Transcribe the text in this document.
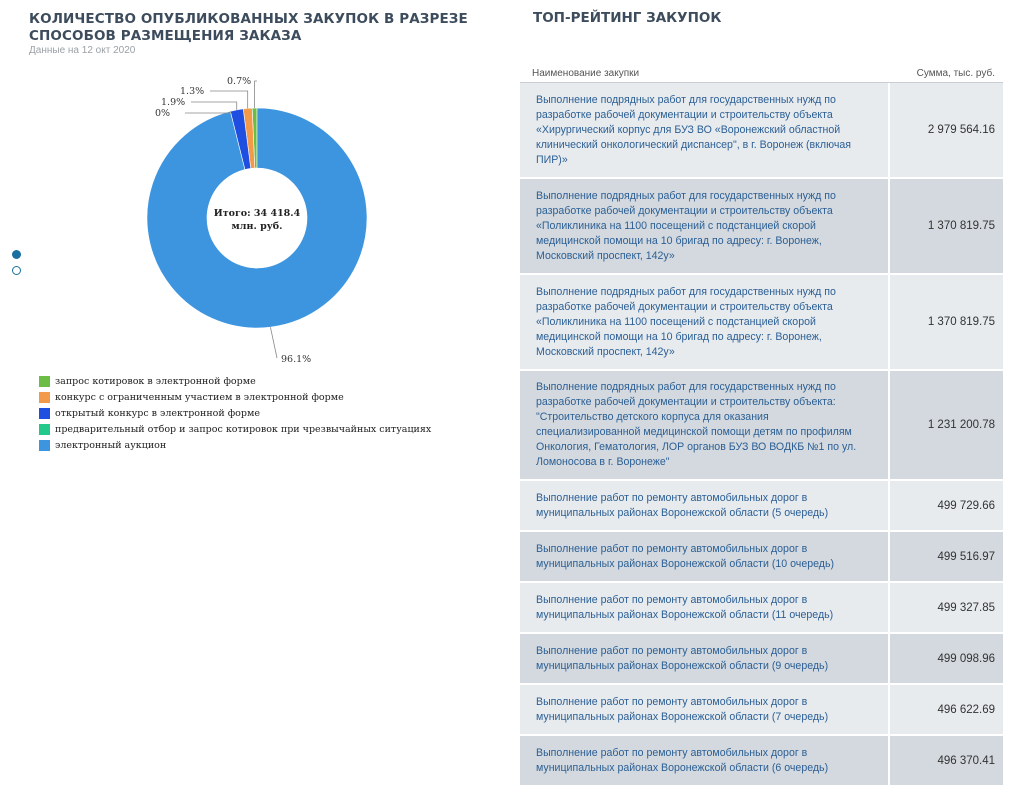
КОЛИЧЕСТВО ОПУБЛИКОВАННЫХ ЗАКУПОК В РАЗРЕЗЕ СПОСОБОВ РАЗМЕЩЕНИЯ ЗАКАЗА
Данные на 12 окт 2020
ТОП-РЕЙТИНГ ЗАКУПОК
0.7%
1.3%
1.9%
0%
96.1%
Итого: 34 418.4
млн. руб.
запрос котировок в электронной форме
конкурс с ограниченным участием в электронной форме
открытый конкурс в электронной форме
предварительный отбор и запрос котировок при чрезвычайных ситуациях
электронный аукцион
Наименование закупки	Сумма, тыс. руб.
Выполнение подрядных работ для государственных нужд по разработке рабочей документации и строительству объекта «Хирургический корпус для БУЗ ВО «Воронежский областной клинический онкологический диспансер", в г. Воронеж (включая ПИР)»
2 979 564.16
Выполнение подрядных работ для государственных нужд по разработке рабочей документации и строительству объекта «Поликлиника на 1100 посещений с подстанцией скорой медицинской помощи на 10 бригад по адресу: г. Воронеж, Московский проспект, 142у»
1 370 819.75
Выполнение подрядных работ для государственных нужд по разработке рабочей документации и строительству объекта «Поликлиника на 1100 посещений с подстанцией скорой медицинской помощи на 10 бригад по адресу: г. Воронеж, Московский проспект, 142у»
1 370 819.75
Выполнение подрядных работ для государственных нужд по разработке рабочей документации и строительству объекта: "Строительство детского корпуса для оказания специализированной медицинской помощи детям по профилям Онкология, Гематология, ЛОР органов БУЗ ВО ВОДКБ №1 по ул. Ломоносова в г. Воронеже"
1 231 200.78
Выполнение работ по ремонту автомобильных дорог в муниципальных районах Воронежской области (5 очередь)
499 729.66
Выполнение работ по ремонту автомобильных дорог в муниципальных районах Воронежской области (10 очередь)
499 516.97
Выполнение работ по ремонту автомобильных дорог в муниципальных районах Воронежской области (11 очередь)
499 327.85
Выполнение работ по ремонту автомобильных дорог в муниципальных районах Воронежской области (9 очередь)
499 098.96
Выполнение работ по ремонту автомобильных дорог в муниципальных районах Воронежской области (7 очередь)
496 622.69
Выполнение работ по ремонту автомобильных дорог в муниципальных районах Воронежской области (6 очередь)
496 370.41
